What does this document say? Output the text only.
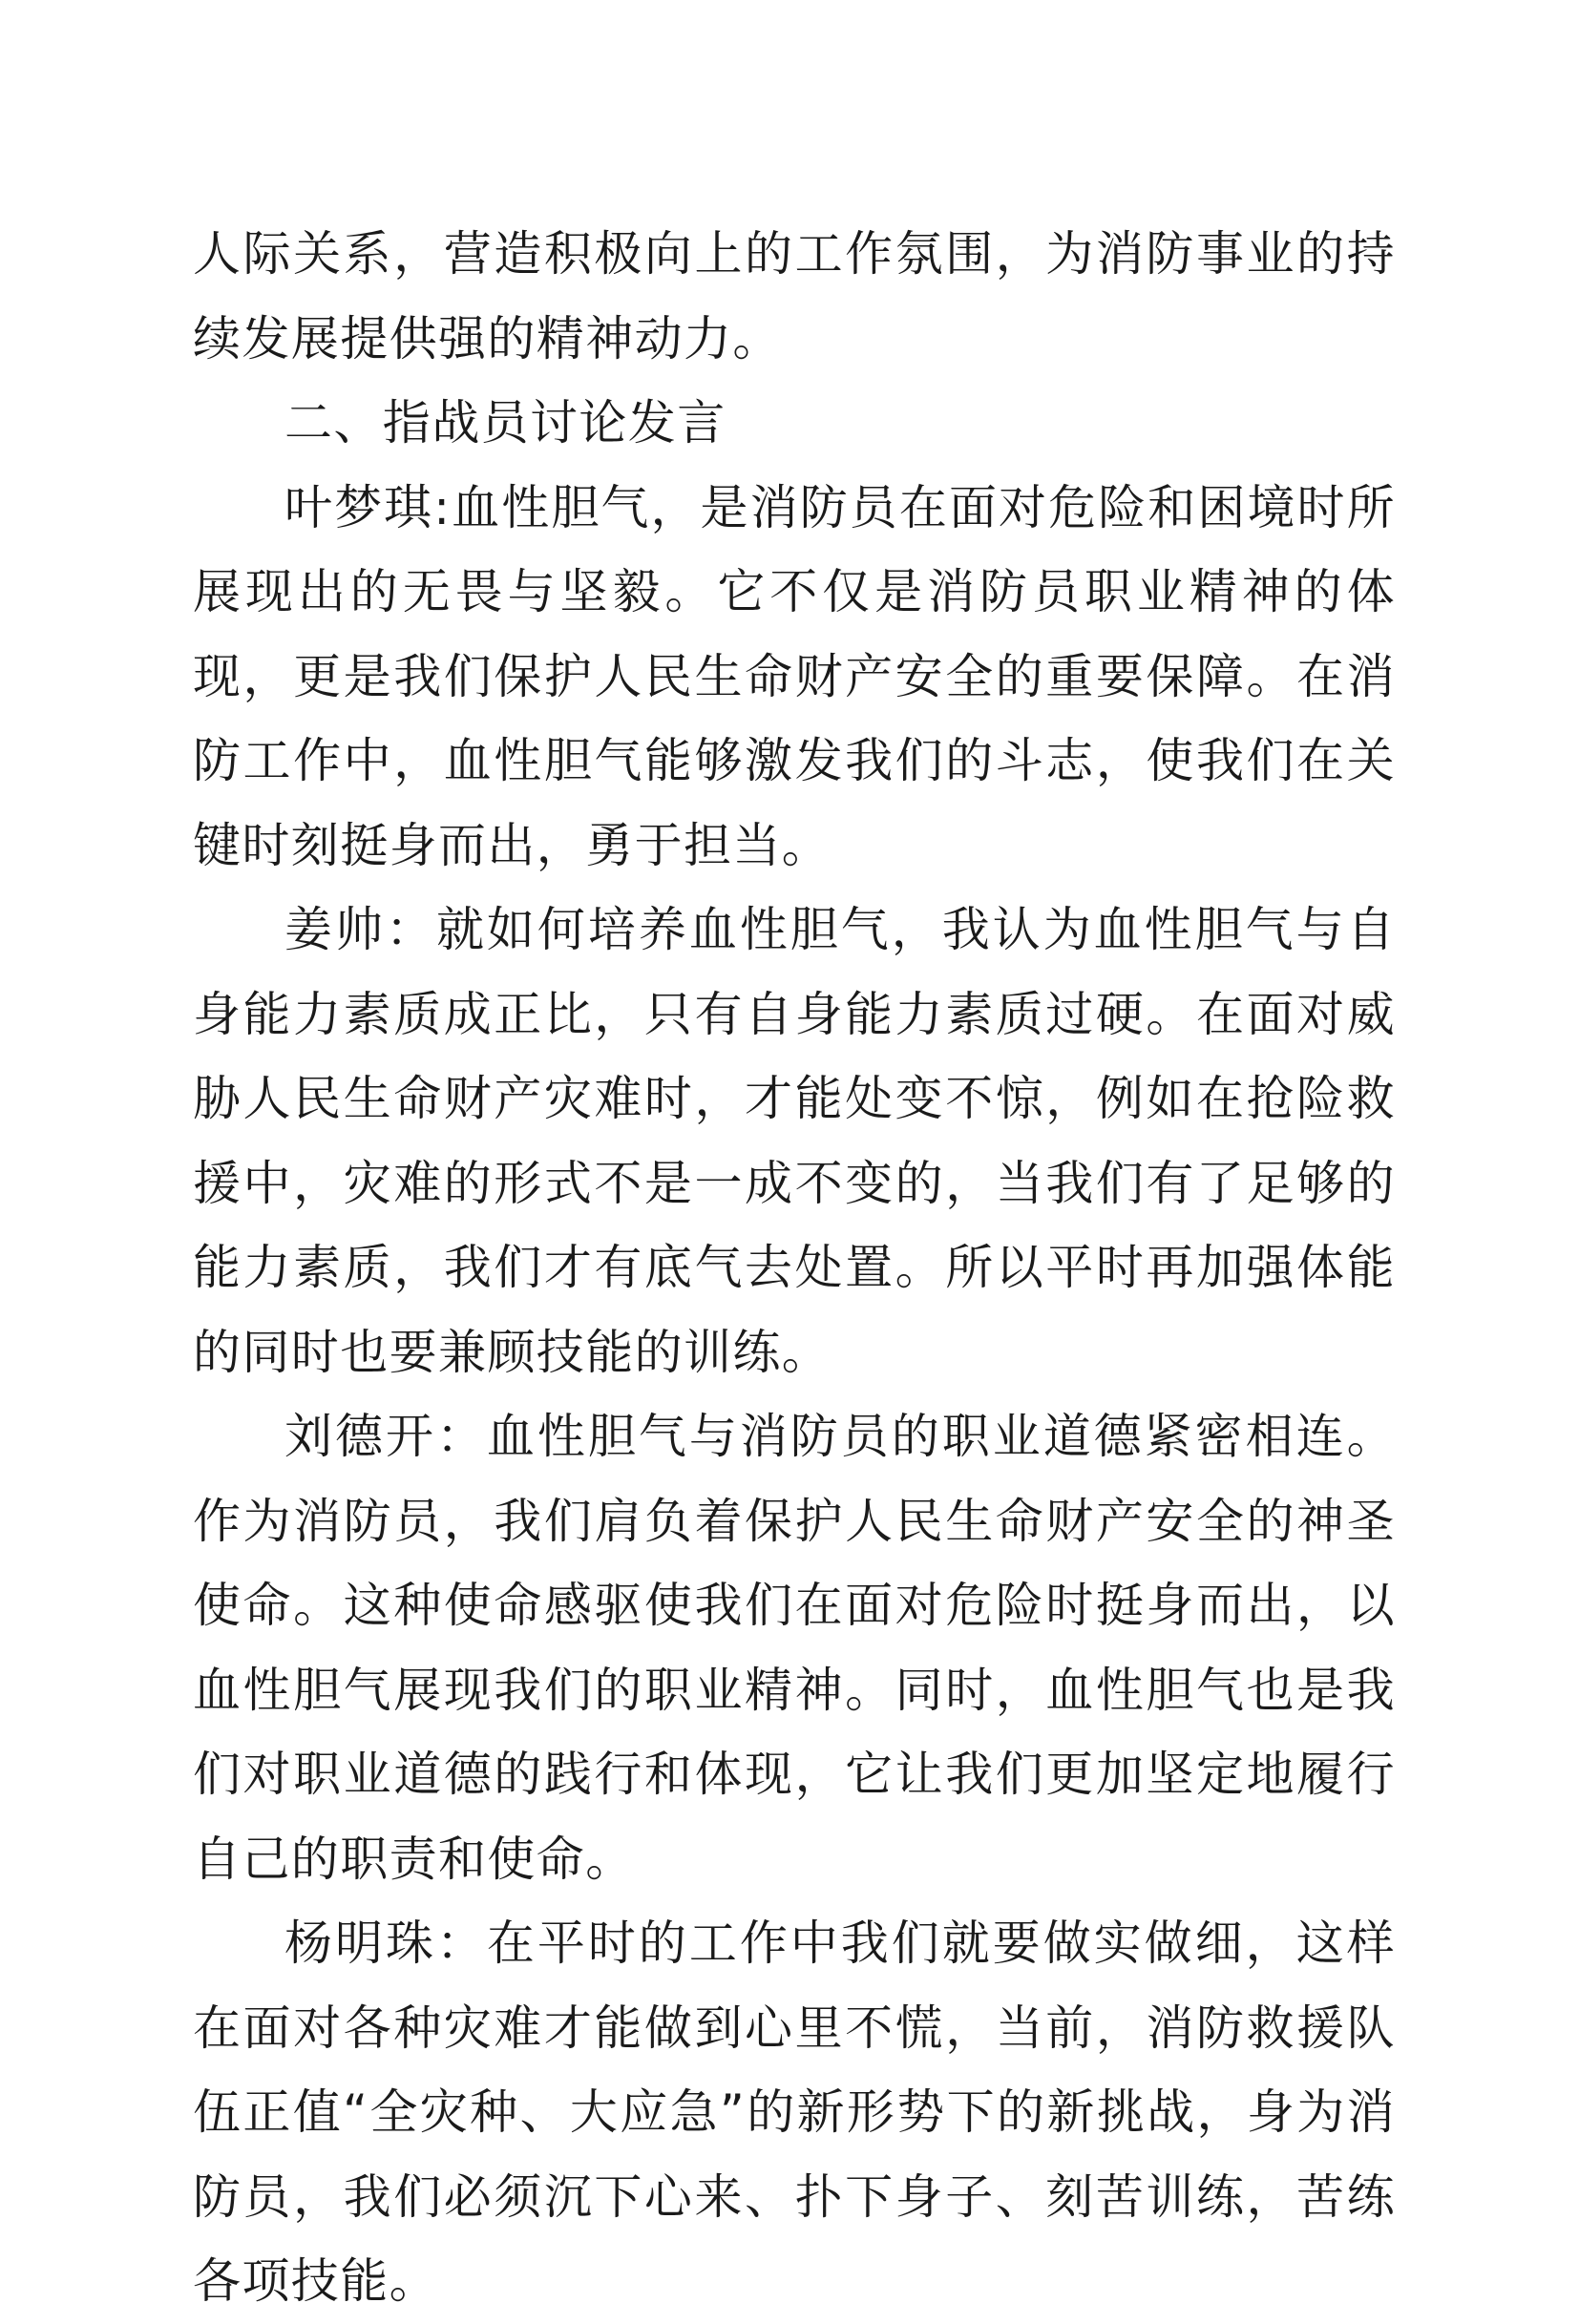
人际关系，营造积极向上的工作氛围，为消防事业的持续发展提供强的精神动力。

二、指战员讨论发言

叶梦琪:血性胆气，是消防员在面对危险和困境时所展现出的无畏与坚毅。它不仅是消防员职业精神的体现，更是我们保护人民生命财产安全的重要保障。在消防工作中，血性胆气能够激发我们的斗志，使我们在关键时刻挺身而出，勇于担当。

姜帅：就如何培养血性胆气，我认为血性胆气与自身能力素质成正比，只有自身能力素质过硬。在面对威胁人民生命财产灾难时，才能处变不惊，例如在抢险救援中，灾难的形式不是一成不变的，当我们有了足够的能力素质，我们才有底气去处置。所以平时再加强体能的同时也要兼顾技能的训练。

刘德开：血性胆气与消防员的职业道德紧密相连。作为消防员，我们肩负着保护人民生命财产安全的神圣使命。这种使命感驱使我们在面对危险时挺身而出，以血性胆气展现我们的职业精神。同时，血性胆气也是我们对职业道德的践行和体现，它让我们更加坚定地履行自己的职责和使命。

杨明珠：在平时的工作中我们就要做实做细，这样在面对各种灾难才能做到心里不慌，当前，消防救援队伍正值“全灾种、大应急”的新形势下的新挑战，身为消防员，我们必须沉下心来、扑下身子、刻苦训练，苦练各项技能。
